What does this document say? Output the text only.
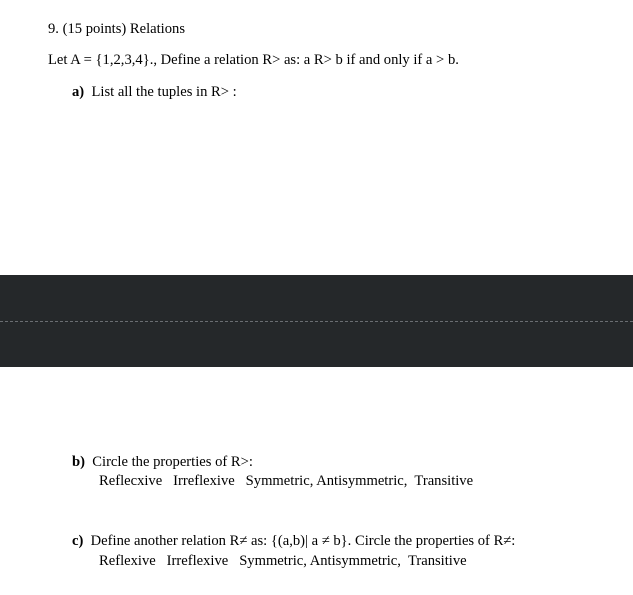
9. (15 points) Relations
Let A = {1,2,3,4}., Define a relation R> as: a R> b if and only if a > b.
a) List all the tuples in R> :
b) Circle the properties of R>:
Reflecxive   Irreflexive   Symmetric, Antisymmetric,  Transitive
c) Define another relation R≠ as: {(a,b)| a ≠ b}. Circle the properties of R≠:
Reflexive   Irreflexive   Symmetric, Antisymmetric,  Transitive
